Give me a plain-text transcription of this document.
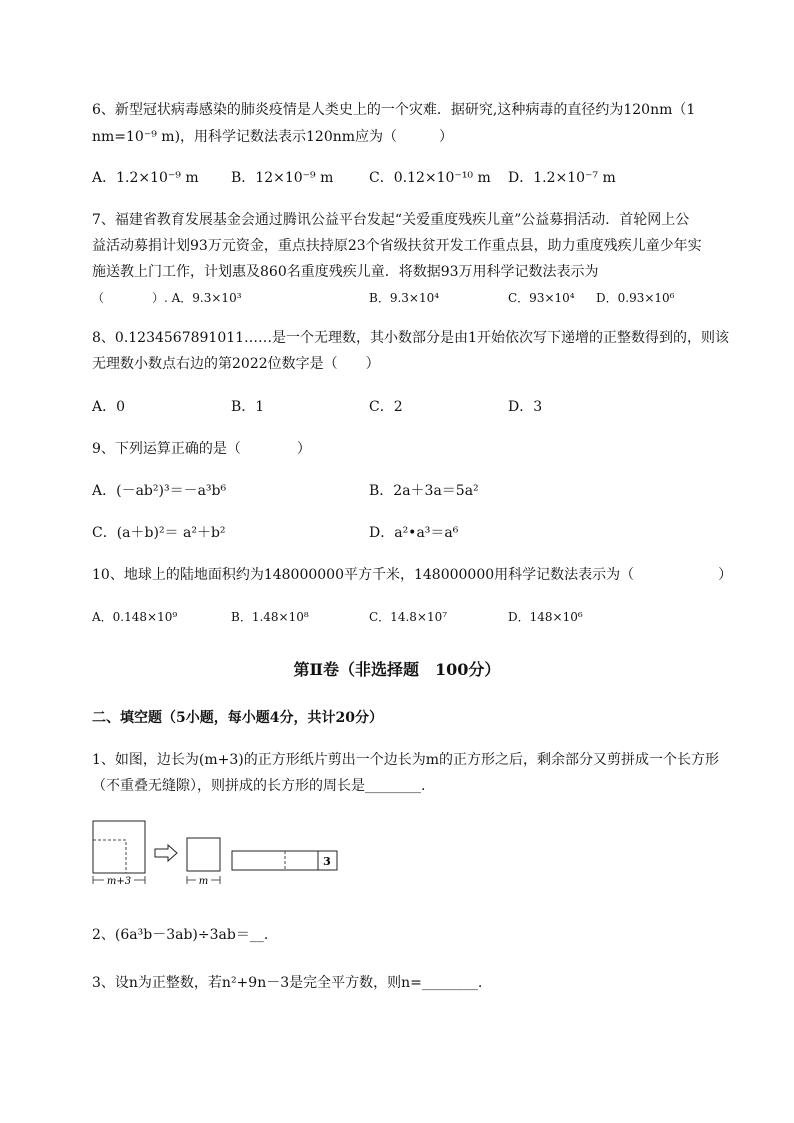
6、新型冠状病毒感染的肺炎疫情是人类史上的一个灾难．据研究,这种病毒的直径约为120nm（1
nm=10⁻⁹ m)，用科学记数法表示120nm应为（　　　）
A．1.2×10⁻⁹ m B．12×10⁻⁹ m	C．0.12×10⁻¹⁰ m D．1.2×10⁻⁷ m
7、福建省教育发展基金会通过腾讯公益平台发起“关爱重度残疾儿童”公益募捐活动．首轮网上公
益活动募捐计划93万元资金，重点扶持原23个省级扶贫开发工作重点县，助力重度残疾儿童少年实
施送教上门工作，计划惠及860名重度残疾儿童．将数据93万用科学记数法表示为
（　　　　）. A．9.3×10³	B．9.3×10⁴	C．93×10⁴ D．0.93×10⁶
8、0.1234567891011……是一个无理数，其小数部分是由1开始依次写下递增的正整数得到的，则该
无理数小数点右边的第2022位数字是（　　）
A．0	B．1	C．2	D．3
9、下列运算正确的是（　　　　）
A．(－ab²)³＝－a³b⁶	B．2a＋3a＝5a²
C．(a＋b)²＝ a²＋b²	D．a²•a³＝a⁶
10、地球上的陆地面积约为148000000平方千米，148000000用科学记数法表示为（　　　　　　）
A．0.148×10⁹	B．1.48×10⁸	C．14.8×10⁷	D．148×10⁶
第Ⅱ卷（非选择题　100分）
二、填空题（5小题，每小题4分，共计20分）
1、如图，边长为(m+3)的正方形纸片剪出一个边长为m的正方形之后，剩余部分又剪拼成一个长方形
（不重叠无缝隙），则拼成的长方形的周长是________.
m+3	m
3
2、(6a³b－3ab)÷3ab＝__.
3、设n为正整数，若n²+9n－3是完全平方数，则n=________.
